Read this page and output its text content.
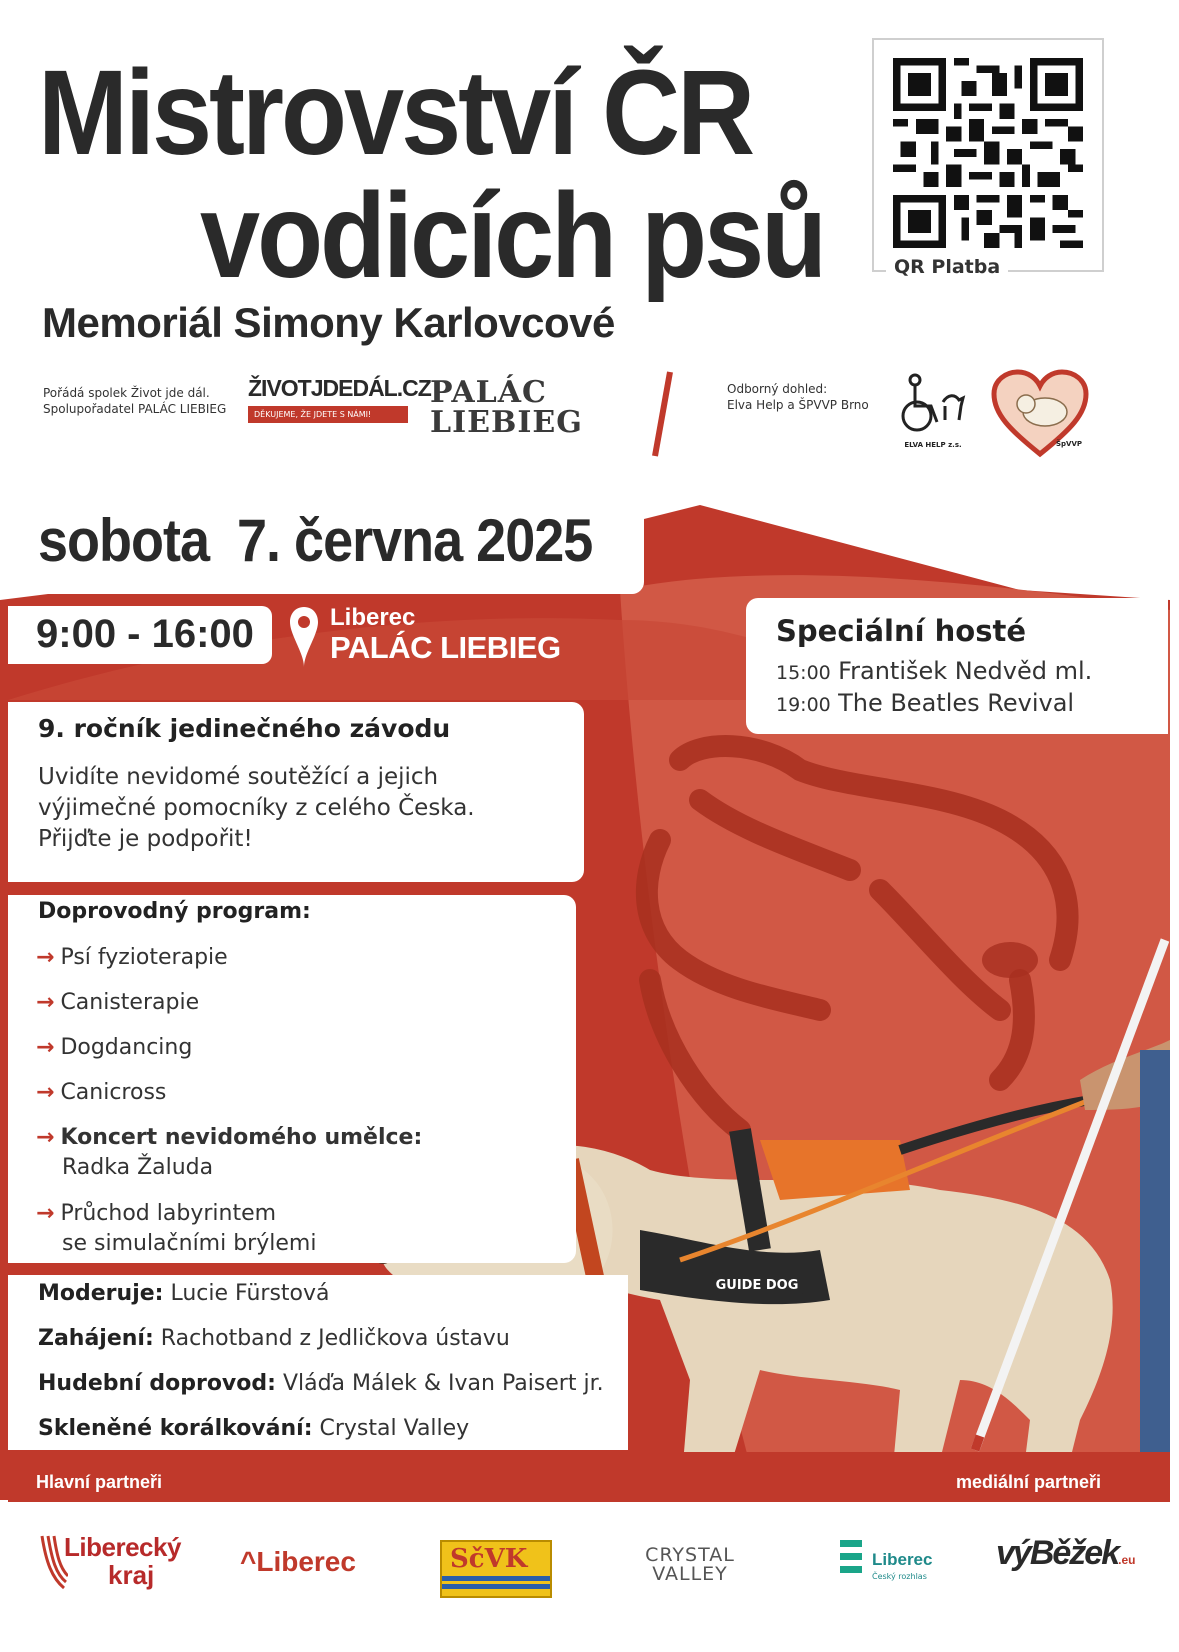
GUIDE DOG
Mistrovství ČR
vodicích psů
Memoriál Simony Karlovcové
QR Platba
Pořádá spolek Život jde dál.
Spolupořadatel PALÁC LIEBIEG
ŽIVOTJDEDÁL.CZ
DĚKUJEME, ŽE JDETE S NÁMI!
PALÁC
LIEBIEG
Odborný dohled:
Elva Help a ŠPVVP Brno
ELVA HELP z.s.	ŠpVVP
sobota  7. června 2025
9:00 - 16:00	Liberec
PALÁC LIEBIEG	Speciální hosté
15:00 František Nedvěd ml.
19:00 The Beatles Revival
9. ročník jedinečného závodu
Uvidíte nevidomé soutěžící a jejich
výjimečné pomocníky z celého Česka.
Přijďte je podpořit!
Doprovodný program:
→ Psí fyzioterapie
→ Canisterapie
→ Dogdancing
→ Canicross
→ Koncert nevidomého umělce:
Radka Žaluda
→ Průchod labyrintem
se simulačními brýlemi
Moderuje: Lucie Fürstová
Zahájení: Rachotband z Jedličkova ústavu
Hudební doprovod: Vláďa Málek & Ivan Paisert jr.
Skleněné korálkování: Crystal Valley
Hlavní partneři	mediální partneři
Liberecký
kraj	^Liberec	SčVK	CRYSTAL
VALLEY
Liberec
Český rozhlas
výBěžek.eu
